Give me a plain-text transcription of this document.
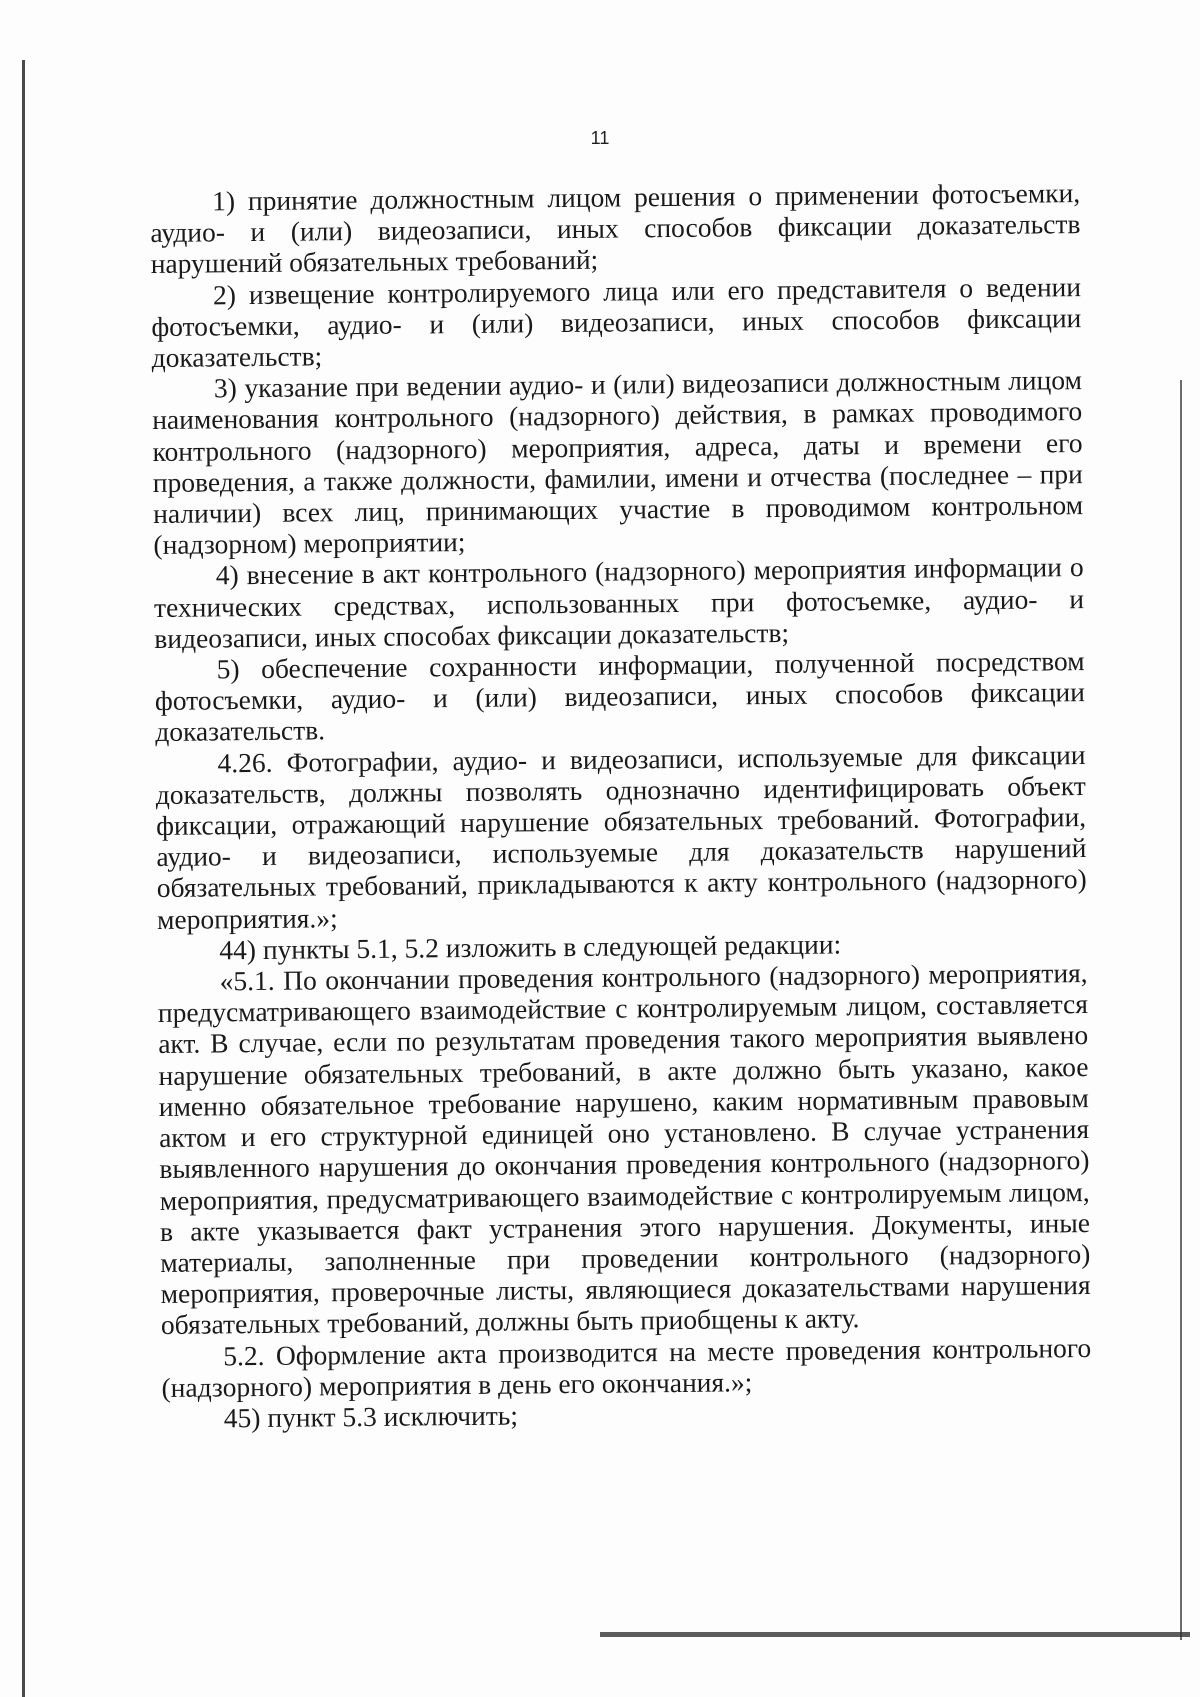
11

1) принятие должностным лицом решения о применении фотосъемки, аудио- и (или) видеозаписи, иных способов фиксации доказательств нарушений обязательных требований;

2) извещение контролируемого лица или его представителя о ведении фотосъемки, аудио- и (или) видеозаписи, иных способов фиксации доказательств;

3) указание при ведении аудио- и (или) видеозаписи должностным лицом наименования контрольного (надзорного) действия, в рамках проводимого контрольного (надзорного) мероприятия, адреса, даты и времени его проведения, а также должности, фамилии, имени и отчества (последнее – при наличии) всех лиц, принимающих участие в проводимом контрольном (надзорном) мероприятии;

4) внесение в акт контрольного (надзорного) мероприятия информации о технических средствах, использованных при фотосъемке, аудио- и видеозаписи, иных способах фиксации доказательств;

5) обеспечение сохранности информации, полученной посредством фотосъемки, аудио- и (или) видеозаписи, иных способов фиксации доказательств.

4.26. Фотографии, аудио- и видеозаписи, используемые для фиксации доказательств, должны позволять однозначно идентифицировать объект фиксации, отражающий нарушение обязательных требований. Фотографии, аудио- и видеозаписи, используемые для доказательств нарушений обязательных требований, прикладываются к акту контрольного (надзорного) мероприятия.»;

44) пункты 5.1, 5.2 изложить в следующей редакции:

«5.1. По окончании проведения контрольного (надзорного) мероприятия, предусматривающего взаимодействие с контролируемым лицом, составляется акт. В случае, если по результатам проведения такого мероприятия выявлено нарушение обязательных требований, в акте должно быть указано, какое именно обязательное требование нарушено, каким нормативным правовым актом и его структурной единицей оно установлено. В случае устранения выявленного нарушения до окончания проведения контрольного (надзорного) мероприятия, предусматривающего взаимодействие с контролируемым лицом, в акте указывается факт устранения этого нарушения. Документы, иные материалы, заполненные при проведении контрольного (надзорного) мероприятия, проверочные листы, являющиеся доказательствами нарушения обязательных требований, должны быть приобщены к акту.

5.2. Оформление акта производится на месте проведения контрольного (надзорного) мероприятия в день его окончания.»;

45) пункт 5.3 исключить;
